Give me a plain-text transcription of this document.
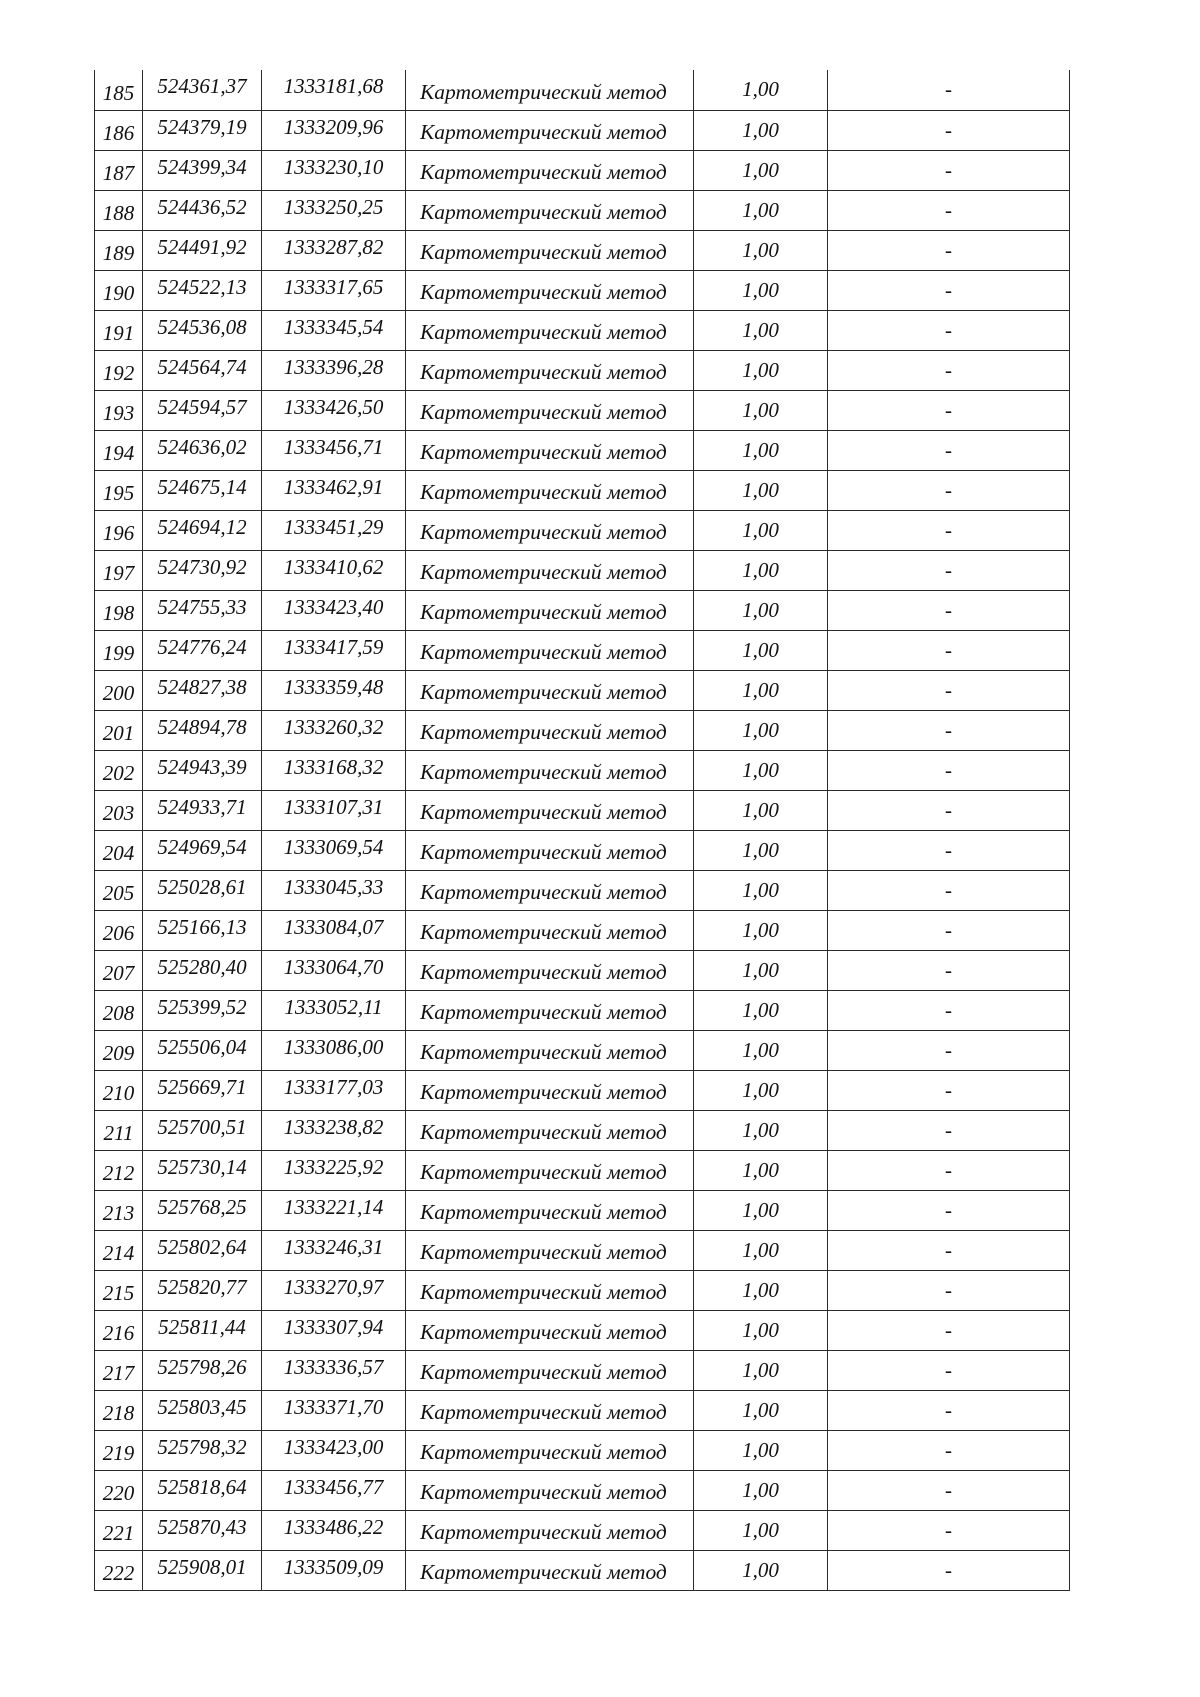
185	524361,37	1333181,68	Картометрический метод	1,00	-
186	524379,19	1333209,96	Картометрический метод	1,00	-
187	524399,34	1333230,10	Картометрический метод	1,00	-
188	524436,52	1333250,25	Картометрический метод	1,00	-
189	524491,92	1333287,82	Картометрический метод	1,00	-
190	524522,13	1333317,65	Картометрический метод	1,00	-
191	524536,08	1333345,54	Картометрический метод	1,00	-
192	524564,74	1333396,28	Картометрический метод	1,00	-
193	524594,57	1333426,50	Картометрический метод	1,00	-
194	524636,02	1333456,71	Картометрический метод	1,00	-
195	524675,14	1333462,91	Картометрический метод	1,00	-
196	524694,12	1333451,29	Картометрический метод	1,00	-
197	524730,92	1333410,62	Картометрический метод	1,00	-
198	524755,33	1333423,40	Картометрический метод	1,00	-
199	524776,24	1333417,59	Картометрический метод	1,00	-
200	524827,38	1333359,48	Картометрический метод	1,00	-
201	524894,78	1333260,32	Картометрический метод	1,00	-
202	524943,39	1333168,32	Картометрический метод	1,00	-
203	524933,71	1333107,31	Картометрический метод	1,00	-
204	524969,54	1333069,54	Картометрический метод	1,00	-
205	525028,61	1333045,33	Картометрический метод	1,00	-
206	525166,13	1333084,07	Картометрический метод	1,00	-
207	525280,40	1333064,70	Картометрический метод	1,00	-
208	525399,52	1333052,11	Картометрический метод	1,00	-
209	525506,04	1333086,00	Картометрический метод	1,00	-
210	525669,71	1333177,03	Картометрический метод	1,00	-
211	525700,51	1333238,82	Картометрический метод	1,00	-
212	525730,14	1333225,92	Картометрический метод	1,00	-
213	525768,25	1333221,14	Картометрический метод	1,00	-
214	525802,64	1333246,31	Картометрический метод	1,00	-
215	525820,77	1333270,97	Картометрический метод	1,00	-
216	525811,44	1333307,94	Картометрический метод	1,00	-
217	525798,26	1333336,57	Картометрический метод	1,00	-
218	525803,45	1333371,70	Картометрический метод	1,00	-
219	525798,32	1333423,00	Картометрический метод	1,00	-
220	525818,64	1333456,77	Картометрический метод	1,00	-
221	525870,43	1333486,22	Картометрический метод	1,00	-
222	525908,01	1333509,09	Картометрический метод	1,00	-
